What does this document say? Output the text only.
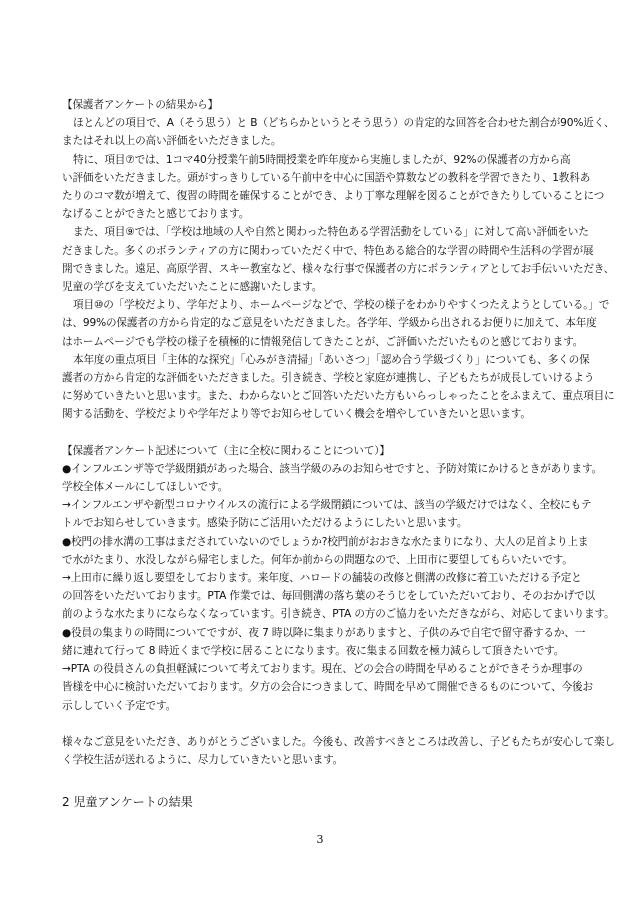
【保護者アンケートの結果から】

ほとんどの項目で、A（そう思う）と B（どちらかというとそう思う）の肯定的な回答を合わせた割合が90%近く、

またはそれ以上の高い評価をいただきました。

特に、項目⑦では、1コマ40分授業午前5時間授業を昨年度から実施しましたが、92%の保護者の方から高

い評価をいただきました。頭がすっきりしている午前中を中心に国語や算数などの教科を学習できたり、1教科あ

たりのコマ数が増えて、復習の時間を確保することができ、より丁寧な理解を図ることができたりしていることにつ

なげることができたと感じております。

また、項目⑨では、「学校は地域の人や自然と関わった特色ある学習活動をしている」に対して高い評価をいた

だきました。多くのボランティアの方に関わっていただく中で、特色ある総合的な学習の時間や生活科の学習が展

開できました。遠足、高原学習、スキー教室など、様々な行事で保護者の方にボランティアとしてお手伝いいただき、

児童の学びを支えていただいたことに感謝いたします。

項目⑩の「学校だより、学年だより、ホームページなどで、学校の様子をわかりやすくつたえようとしている。」で

は、99%の保護者の方から肯定的なご意見をいただきました。各学年、学級から出されるお便りに加えて、本年度

はホームページでも学校の様子を積極的に情報発信してきたことが、ご評価いただいたものと感じております。

本年度の重点項目「主体的な探究」「心みがき清掃」「あいさつ」「認め合う学級づくり」についても、多くの保

護者の方から肯定的な評価をいただきました。引き続き、学校と家庭が連携し、子どもたちが成長していけるよう

に努めていきたいと思います。また、わからないとご回答いただいた方もいらっしゃったことをふまえて、重点項目に

関する活動を、学校だよりや学年だより等でお知らせしていく機会を増やしていきたいと思います。

【保護者アンケート記述について（主に全校に関わることについて）】

●インフルエンザ等で学級閉鎖があった場合、該当学級のみのお知らせですと、予防対策にかけるときがあります。

学校全体メールにしてほしいです。

→インフルエンザや新型コロナウイルスの流行による学級閉鎖については、該当の学級だけではなく、全校にもテ

トルでお知らせしていきます。感染予防にご活用いただけるようにしたいと思います。

●校門の排水溝の工事はまだされていないのでしょうか?校門前がおおきな水たまりになり、大人の足首より上ま

で水がたまり、水没しながら帰宅しました。何年か前からの問題なので、上田市に要望してもらいたいです。

→上田市に繰り返し要望をしております。来年度、ハロードの舗装の改修と側溝の改修に着工いただける予定と

の回答をいただいております。PTA 作業では、毎回側溝の落ち葉のそうじをしていただいており、そのおかげで以

前のような水たまりにならなくなっています。引き続き、PTA の方のご協力をいただきながら、対応してまいります。

●役員の集まりの時間についてですが、夜 7 時以降に集まりがありますと、子供のみで自宅で留守番するか、一

緒に連れて行って 8 時近くまで学校に居ることになります。夜に集まる回数を極力減らして頂きたいです。

→PTA の役員さんの負担軽減について考えております。現在、どの会合の時間を早めることができそうか理事の

皆様を中心に検討いただいております。夕方の会合につきまして、時間を早めて開催できるものについて、今後お

示ししていく予定です。

様々なご意見をいただき、ありがとうございました。今後も、改善すべきところは改善し、子どもたちが安心して楽し

く学校生活が送れるように、尽力していきたいと思います。

2 児童アンケートの結果
3
